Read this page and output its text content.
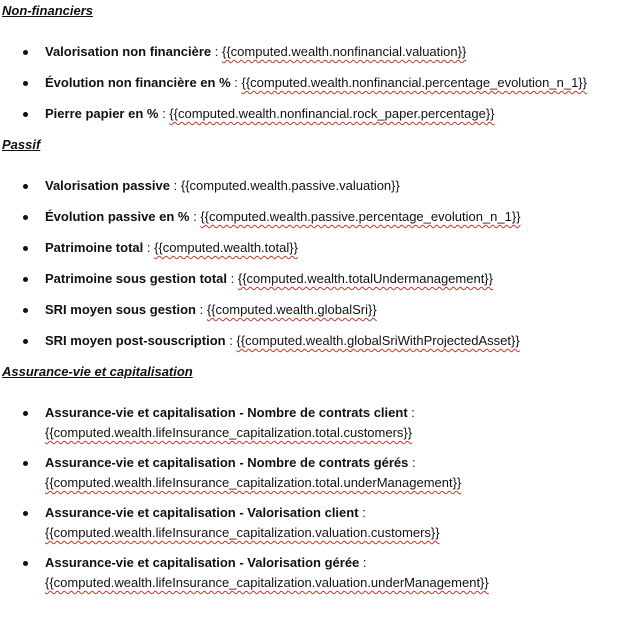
Non-financiers

Valorisation non financière : {{computed.wealth.nonfinancial.valuation}}
Évolution non financière en % : {{computed.wealth.nonfinancial.percentage_evolution_n_1}}
Pierre papier en % : {{computed.wealth.nonfinancial.rock_paper.percentage}}

Passif

Valorisation passive : {{computed.wealth.passive.valuation}}
Évolution passive en % : {{computed.wealth.passive.percentage_evolution_n_1}}
Patrimoine total : {{computed.wealth.total}}
Patrimoine sous gestion total : {{computed.wealth.totalUndermanagement}}
SRI moyen sous gestion : {{computed.wealth.globalSri}}
SRI moyen post-souscription : {{computed.wealth.globalSriWithProjectedAsset}}

Assurance-vie et capitalisation

Assurance-vie et capitalisation - Nombre de contrats client :
{{computed.wealth.lifeInsurance_capitalization.total.customers}}
Assurance-vie et capitalisation - Nombre de contrats gérés :
{{computed.wealth.lifeInsurance_capitalization.total.underManagement}}
Assurance-vie et capitalisation - Valorisation client :
{{computed.wealth.lifeInsurance_capitalization.valuation.customers}}
Assurance-vie et capitalisation - Valorisation gérée :
{{computed.wealth.lifeInsurance_capitalization.valuation.underManagement}}
